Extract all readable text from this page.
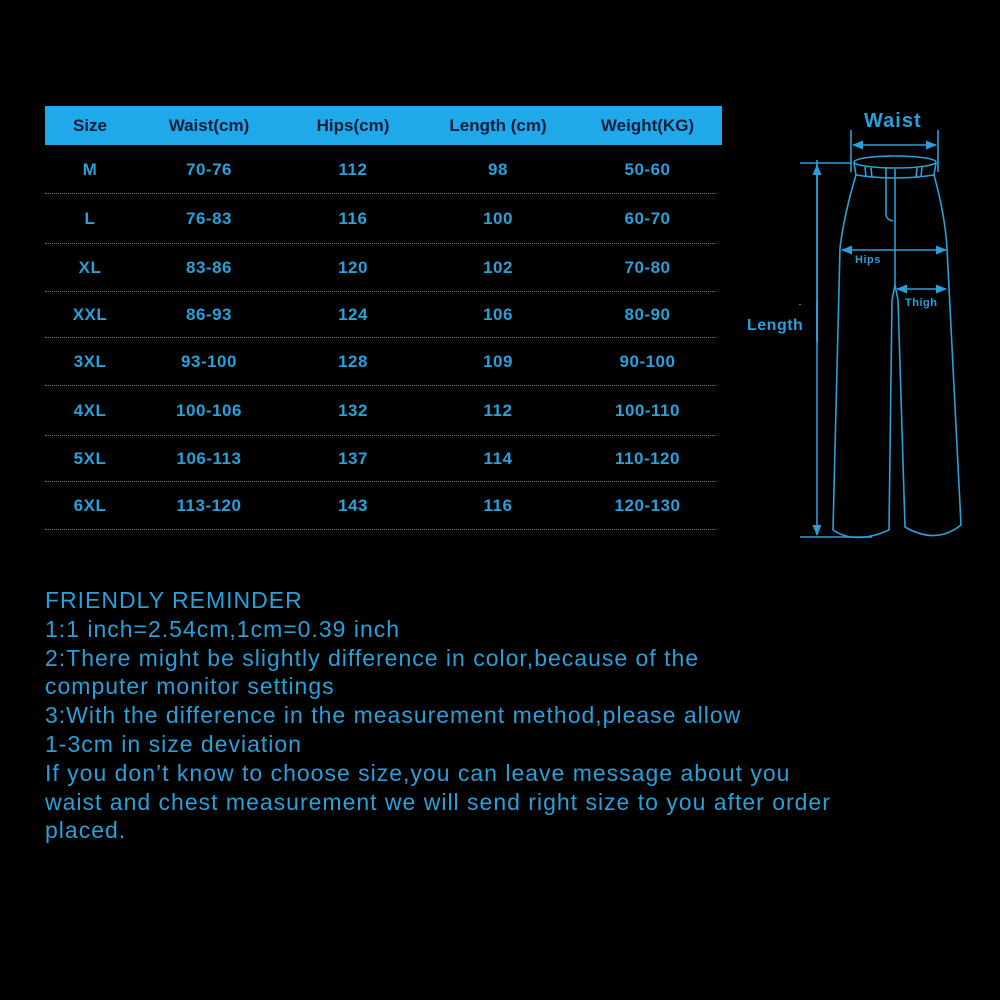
Size	Waist(cm)	Hips(cm)	Length (cm)	Weight(KG)
M	70-76	112	98	50-60
L	76-83	116	100	60-70
XL	83-86	120	102	70-80
XXL	86-93	124	106	80-90
3XL	93-100	128	109	90-100
4XL	100-106	132	112	100-110
5XL	106-113	137	114	110-120
6XL	113-120	143	116	120-130
Waist
Hips
Thigh
Length
FRIENDLY REMINDER
1:1 inch=2.54cm,1cm=0.39 inch
2:There might be slightly difference in color,because of the
computer monitor settings
3:With the difference in the measurement method,please allow
1-3cm in size deviation
If you don’t know to choose size,you can leave message about you
waist and chest measurement we will send right size to you after order
placed.
